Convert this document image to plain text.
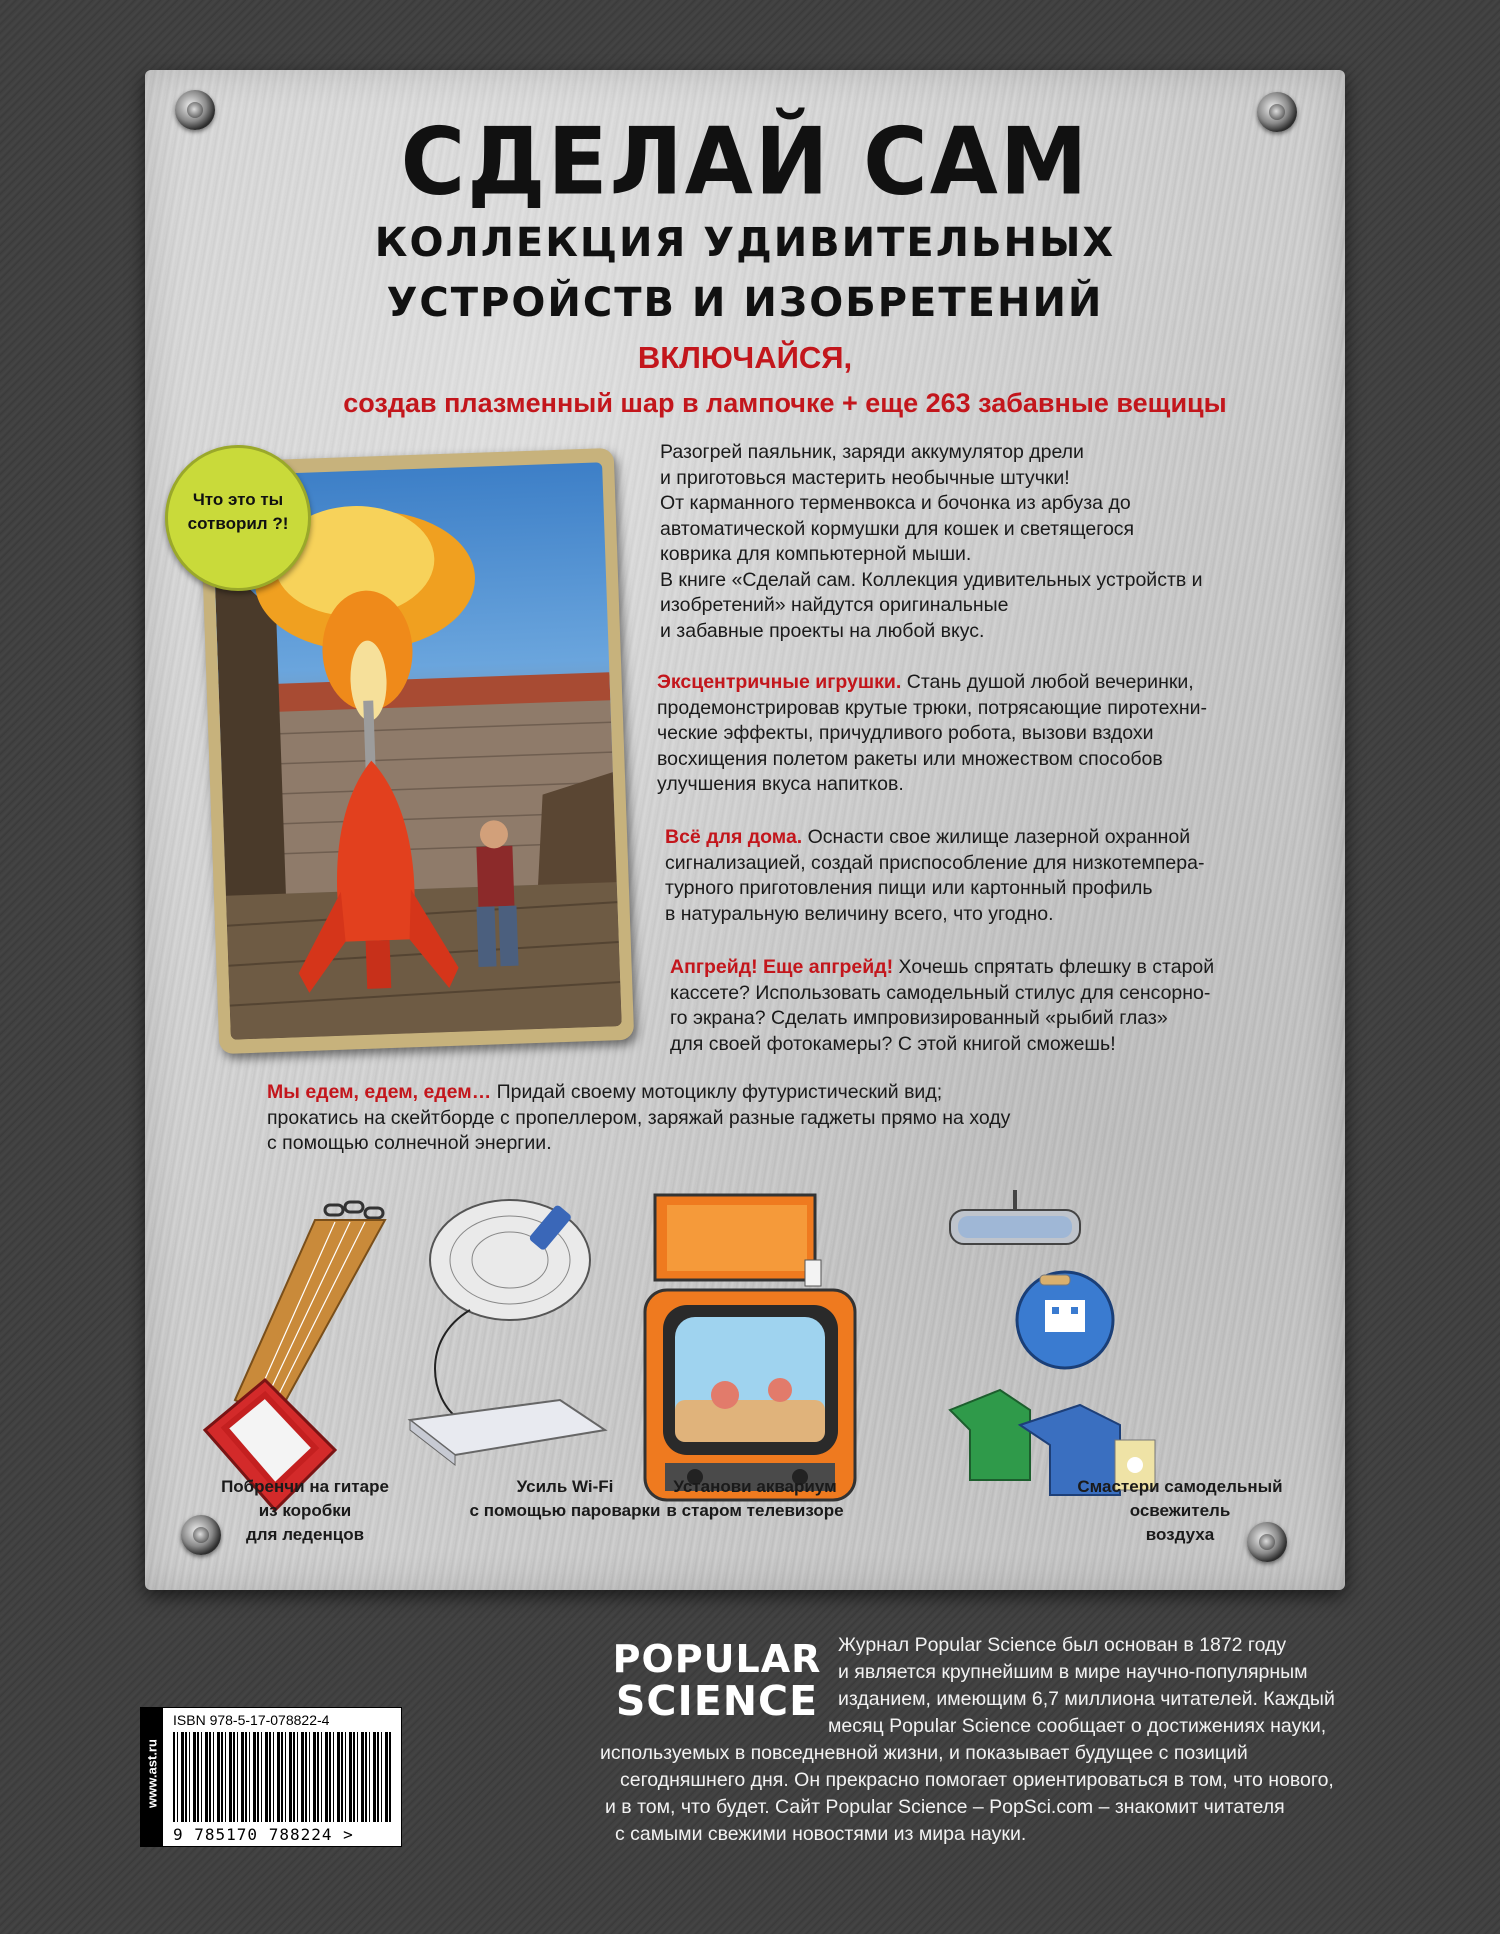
СДЕЛАЙ САМ
КОЛЛЕКЦИЯ УДИВИТЕЛЬНЫХ
УСТРОЙСТВ И ИЗОБРЕТЕНИЙ
ВКЛЮЧАЙСЯ,
создав плазменный шар в лампочке + еще 263 забавные вещицы
Что это ты
сотворил ?!
Разогрей паяльник, заряди аккумулятор дрели
и приготовься мастерить необычные штучки!
От карманного терменвокса и бочонка из арбуза до
автоматической кормушки для кошек и светящегося
коврика для компьютерной мыши.
В книге «Сделай сам. Коллекция удивительных устройств и
изобретений» найдутся оригинальные
и забавные проекты на любой вкус.
Эксцентричные игрушки. Стань душой любой вечеринки,
продемонстрировав крутые трюки, потрясающие пиротехни-
ческие эффекты, причудливого робота, вызови вздохи
восхищения полетом ракеты или множеством способов
улучшения вкуса напитков.
Всё для дома. Оснасти свое жилище лазерной охранной
сигнализацией, создай приспособление для низкотемпера-
турного приготовления пищи или картонный профиль
в натуральную величину всего, что угодно.
Апгрейд! Еще апгрейд! Хочешь спрятать флешку в старой
кассете? Использовать самодельный стилус для сенсорно-
го экрана? Сделать импровизированный «рыбий глаз»
для своей фотокамеры? С этой книгой сможешь!
Мы едем, едем, едем… Придай своему мотоциклу футуристический вид;
прокатись на скейтборде с пропеллером, заряжай разные гаджеты прямо на ходу
с помощью солнечной энергии.
Побренчи на гитаре
из коробки
для леденцов
Усиль Wi-Fi
с помощью пароварки
Установи аквариум
в старом телевизоре
Смастери самодельный
освежитель
воздуха
www.ast.ru
ISBN 978-5-17-078822-4
9 785170 788224 >
POPULAR
SCIENCE
Журнал Popular Science был основан в 1872 году
и является крупнейшим в мире научно-популярным
изданием, имеющим 6,7 миллиона читателей. Каждый
месяц Popular Science сообщает о достижениях науки,
используемых в повседневной жизни, и показывает будущее с позиций
сегодняшнего дня. Он прекрасно помогает ориентироваться в том, что нового,
и в том, что будет. Сайт Popular Science – PopSci.com – знакомит читателя
с самыми свежими новостями из мира науки.
